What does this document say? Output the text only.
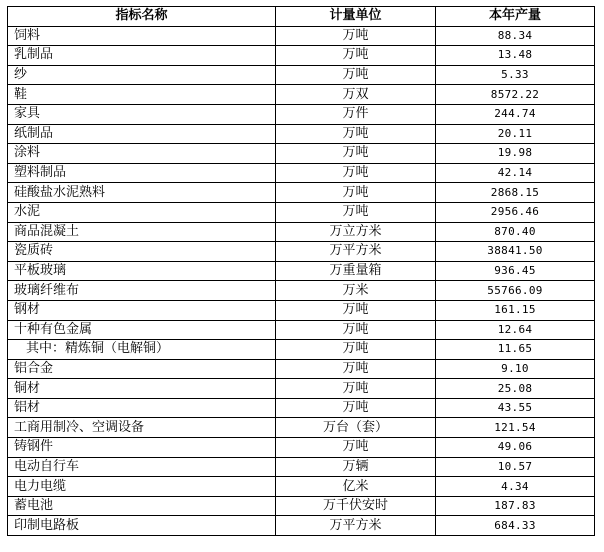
指标名称	计量单位	本年产量
饲料	万吨	88.34
乳制品	万吨	13.48
纱	万吨	5.33
鞋	万双	8572.22
家具	万件	244.74
纸制品	万吨	20.11
涂料	万吨	19.98
塑料制品	万吨	42.14
硅酸盐水泥熟料	万吨	2868.15
水泥	万吨	2956.46
商品混凝土	万立方米	870.40
瓷质砖	万平方米	38841.50
平板玻璃	万重量箱	936.45
玻璃纤维布	万米	55766.09
钢材	万吨	161.15
十种有色金属	万吨	12.64
其中：精炼铜（电解铜）	万吨	11.65
铝合金	万吨	9.10
铜材	万吨	25.08
铝材	万吨	43.55
工商用制冷、空调设备	万台（套）	121.54
铸钢件	万吨	49.06
电动自行车	万辆	10.57
电力电缆	亿米	4.34
蓄电池	万千伏安时	187.83
印制电路板	万平方米	684.33
